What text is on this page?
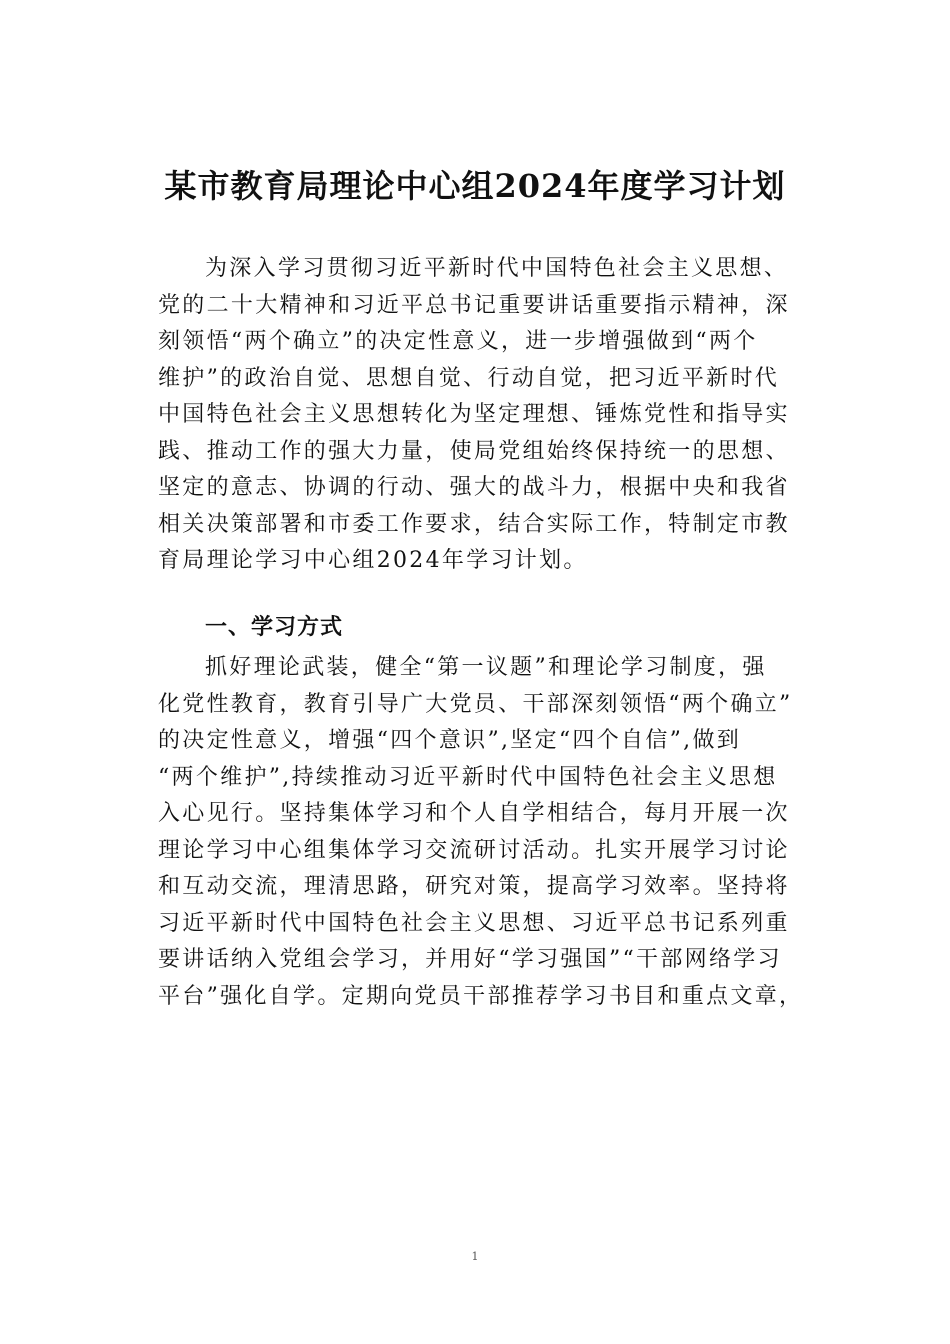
某市教育局理论中心组2024年度学习计划
为深入学习贯彻习近平新时代中国特色社会主义思想、
党的二十大精神和习近平总书记重要讲话重要指示精神，深
刻领悟“两个确立”的决定性意义，进一步增强做到“两个
维护”的政治自觉、思想自觉、行动自觉，把习近平新时代
中国特色社会主义思想转化为坚定理想、锤炼党性和指导实
践、推动工作的强大力量，使局党组始终保持统一的思想、
坚定的意志、协调的行动、强大的战斗力，根据中央和我省
相关决策部署和市委工作要求，结合实际工作，特制定市教
育局理论学习中心组2024年学习计划。
一、学习方式
抓好理论武装，健全“第一议题”和理论学习制度，强
化党性教育，教育引导广大党员、干部深刻领悟“两个确立”
的决定性意义，增强“四个意识”,坚定“四个自信”,做到
“两个维护”,持续推动习近平新时代中国特色社会主义思想
入心见行。坚持集体学习和个人自学相结合，每月开展一次
理论学习中心组集体学习交流研讨活动。扎实开展学习讨论
和互动交流，理清思路，研究对策，提高学习效率。坚持将
习近平新时代中国特色社会主义思想、习近平总书记系列重
要讲话纳入党组会学习，并用好“学习强国”“干部网络学习
平台”强化自学。定期向党员干部推荐学习书目和重点文章，
1
